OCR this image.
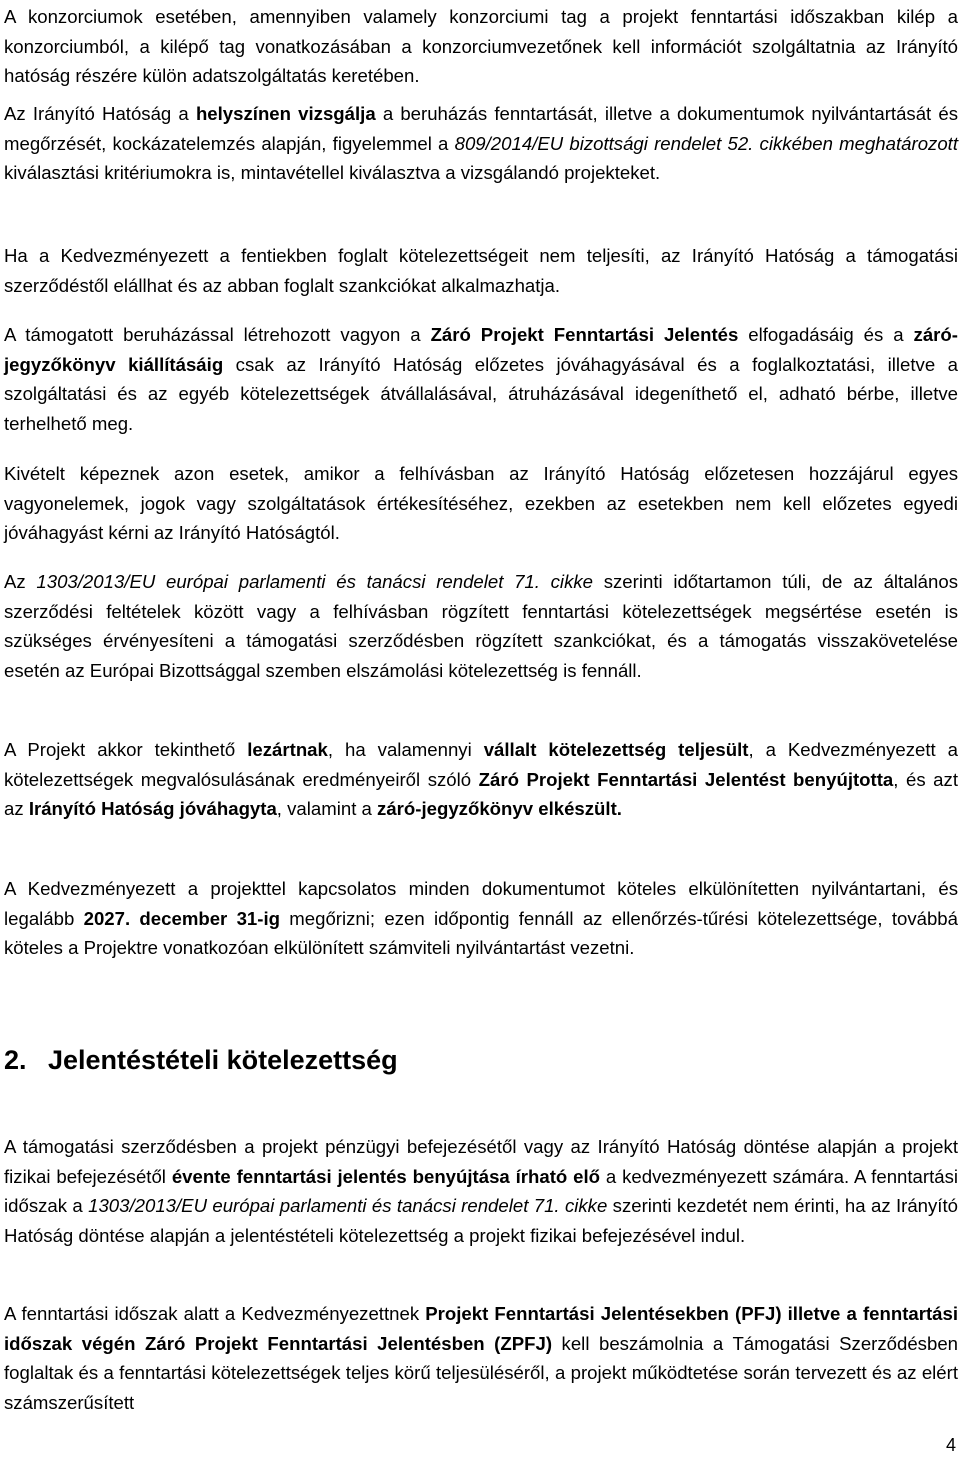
A konzorciumok esetében, amennyiben valamely konzorciumi tag a projekt fenntartási időszakban kilép a konzorciumból, a kilépő tag vonatkozásában a konzorciumvezetőnek kell információt szolgáltatnia az Irányító hatóság részére külön adatszolgáltatás keretében.

Az Irányító Hatóság a helyszínen vizsgálja a beruházás fenntartását, illetve a dokumentumok nyilvántartását és megőrzését, kockázatelemzés alapján, figyelemmel a 809/2014/EU bizottsági rendelet 52. cikkében meghatározott kiválasztási kritériumokra is, mintavétellel kiválasztva a vizsgálandó projekteket.

Ha a Kedvezményezett a fentiekben foglalt kötelezettségeit nem teljesíti, az Irányító Hatóság a támogatási szerződéstől elállhat és az abban foglalt szankciókat alkalmazhatja.

A támogatott beruházással létrehozott vagyon a Záró Projekt Fenntartási Jelentés elfogadásáig és a záró-jegyzőkönyv kiállításáig csak az Irányító Hatóság előzetes jóváhagyásával és a foglalkoztatási, illetve a szolgáltatási és az egyéb kötelezettségek átvállalásával, átruházásával idegeníthető el, adható bérbe, illetve terhelhető meg.

Kivételt képeznek azon esetek, amikor a felhívásban az Irányító Hatóság előzetesen hozzájárul egyes vagyonelemek, jogok vagy szolgáltatások értékesítéséhez, ezekben az esetekben nem kell előzetes egyedi jóváhagyást kérni az Irányító Hatóságtól.

Az 1303/2013/EU európai parlamenti és tanácsi rendelet 71. cikke szerinti időtartamon túli, de az általános szerződési feltételek között vagy a felhívásban rögzített fenntartási kötelezettségek megsértése esetén is szükséges érvényesíteni a támogatási szerződésben rögzített szankciókat, és a támogatás visszakövetelése esetén az Európai Bizottsággal szemben elszámolási kötelezettség is fennáll.

A Projekt akkor tekinthető lezártnak, ha valamennyi vállalt kötelezettség teljesült, a Kedvezményezett a kötelezettségek megvalósulásának eredményeiről szóló Záró Projekt Fenntartási Jelentést benyújtotta, és azt az Irányító Hatóság jóváhagyta, valamint a záró-jegyzőkönyv elkészült.

A Kedvezményezett a projekttel kapcsolatos minden dokumentumot köteles elkülönítetten nyilvántartani, és legalább 2027. december 31-ig megőrizni; ezen időpontig fennáll az ellenőrzés-tűrési kötelezettsége, továbbá köteles a Projektre vonatkozóan elkülönített számviteli nyilvántartást vezetni.

2. Jelentéstételi kötelezettség

A támogatási szerződésben a projekt pénzügyi befejezésétől vagy az Irányító Hatóság döntése alapján a projekt fizikai befejezésétől évente fenntartási jelentés benyújtása írható elő a kedvezményezett számára. A fenntartási időszak a 1303/2013/EU európai parlamenti és tanácsi rendelet 71. cikke szerinti kezdetét nem érinti, ha az Irányító Hatóság döntése alapján a jelentéstételi kötelezettség a projekt fizikai befejezésével indul.

A fenntartási időszak alatt a Kedvezményezettnek Projekt Fenntartási Jelentésekben (PFJ) illetve a fenntartási időszak végén Záró Projekt Fenntartási Jelentésben (ZPFJ) kell beszámolnia a Támogatási Szerződésben foglaltak és a fenntartási kötelezettségek teljes körű teljesüléséről, a projekt működtetése során tervezett és az elért számszerűsített

4
